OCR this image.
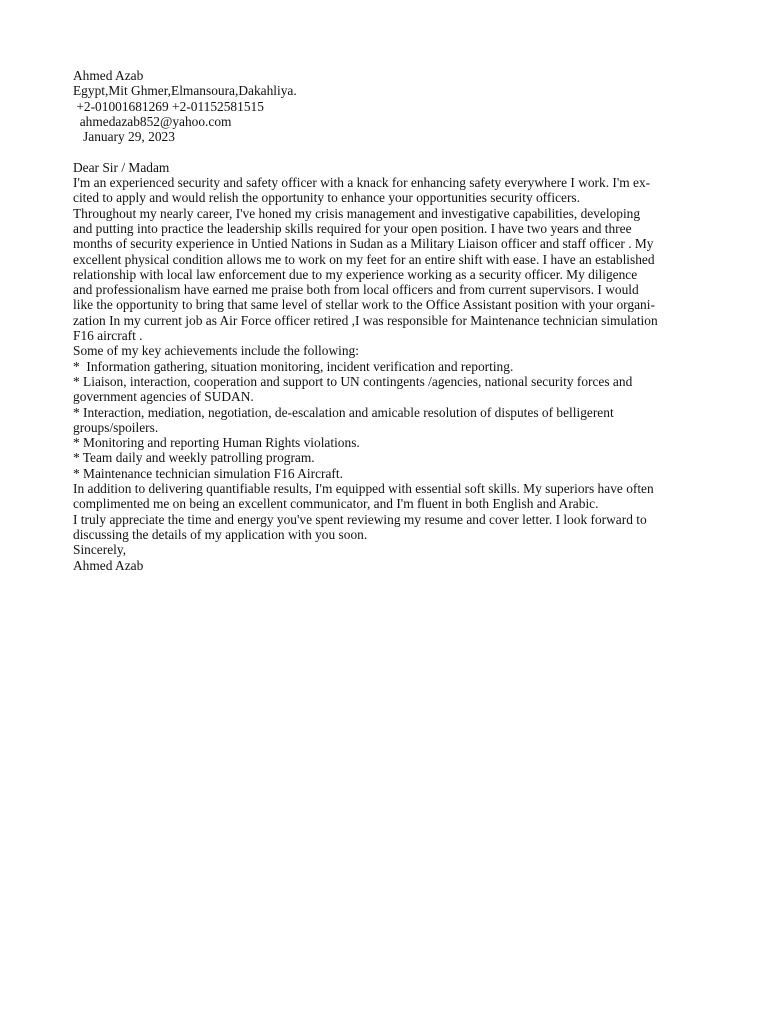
Ahmed Azab
Egypt,Mit Ghmer,Elmansoura,Dakahliya.
+2-01001681269 +2-01152581515
ahmedazab852@yahoo.com
January 29, 2023
Dear Sir / Madam
I'm an experienced security and safety officer with a knack for enhancing safety everywhere I work. I'm ex-
cited to apply and would relish the opportunity to enhance your opportunities security officers.
Throughout my nearly career, I've honed my crisis management and investigative capabilities, developing
and putting into practice the leadership skills required for your open position. I have two years and three
months of security experience in Untied Nations in Sudan as a Military Liaison officer and staff officer . My
excellent physical condition allows me to work on my feet for an entire shift with ease. I have an established
relationship with local law enforcement due to my experience working as a security officer. My diligence
and professionalism have earned me praise both from local officers and from current supervisors. I would
like the opportunity to bring that same level of stellar work to the Office Assistant position with your organi-
zation In my current job as Air Force officer retired ,I was responsible for Maintenance technician simulation
F16 aircraft .
Some of my key achievements include the following:
*  Information gathering, situation monitoring, incident verification and reporting.
* Liaison, interaction, cooperation and support to UN contingents /agencies, national security forces and
government agencies of SUDAN.
* Interaction, mediation, negotiation, de-escalation and amicable resolution of disputes of belligerent
groups/spoilers.
* Monitoring and reporting Human Rights violations.
* Team daily and weekly patrolling program.
* Maintenance technician simulation F16 Aircraft.
In addition to delivering quantifiable results, I'm equipped with essential soft skills. My superiors have often
complimented me on being an excellent communicator, and I'm fluent in both English and Arabic.
I truly appreciate the time and energy you've spent reviewing my resume and cover letter. I look forward to
discussing the details of my application with you soon.
Sincerely,
Ahmed Azab
